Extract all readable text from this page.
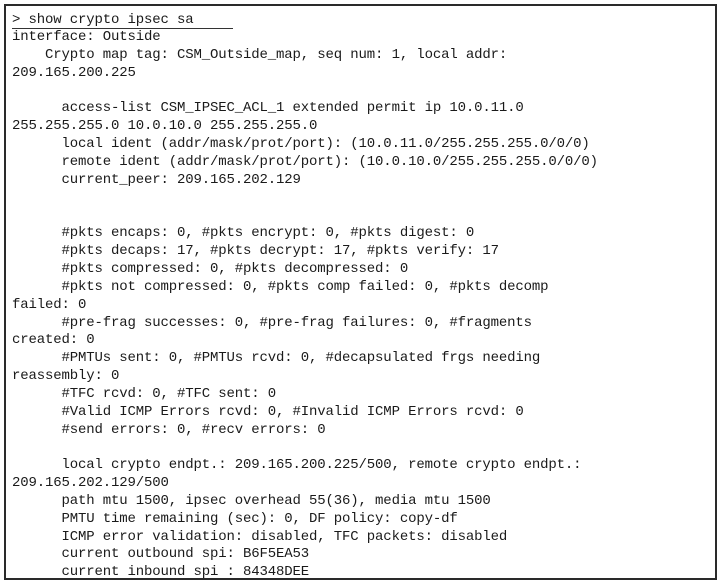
> show crypto ipsec sa
interface: Outside
Crypto map tag: CSM_Outside_map, seq num: 1, local addr:
209.165.200.225
access-list CSM_IPSEC_ACL_1 extended permit ip 10.0.11.0
255.255.255.0 10.0.10.0 255.255.255.0
local ident (addr/mask/prot/port): (10.0.11.0/255.255.255.0/0/0)
remote ident (addr/mask/prot/port): (10.0.10.0/255.255.255.0/0/0)
current_peer: 209.165.202.129
#pkts encaps: 0, #pkts encrypt: 0, #pkts digest: 0
#pkts decaps: 17, #pkts decrypt: 17, #pkts verify: 17
#pkts compressed: 0, #pkts decompressed: 0
#pkts not compressed: 0, #pkts comp failed: 0, #pkts decomp
failed: 0
#pre-frag successes: 0, #pre-frag failures: 0, #fragments
created: 0
#PMTUs sent: 0, #PMTUs rcvd: 0, #decapsulated frgs needing
reassembly: 0
#TFC rcvd: 0, #TFC sent: 0
#Valid ICMP Errors rcvd: 0, #Invalid ICMP Errors rcvd: 0
#send errors: 0, #recv errors: 0
local crypto endpt.: 209.165.200.225/500, remote crypto endpt.:
209.165.202.129/500
path mtu 1500, ipsec overhead 55(36), media mtu 1500
PMTU time remaining (sec): 0, DF policy: copy-df
ICMP error validation: disabled, TFC packets: disabled
current outbound spi: B6F5EA53
current inbound spi : 84348DEE
